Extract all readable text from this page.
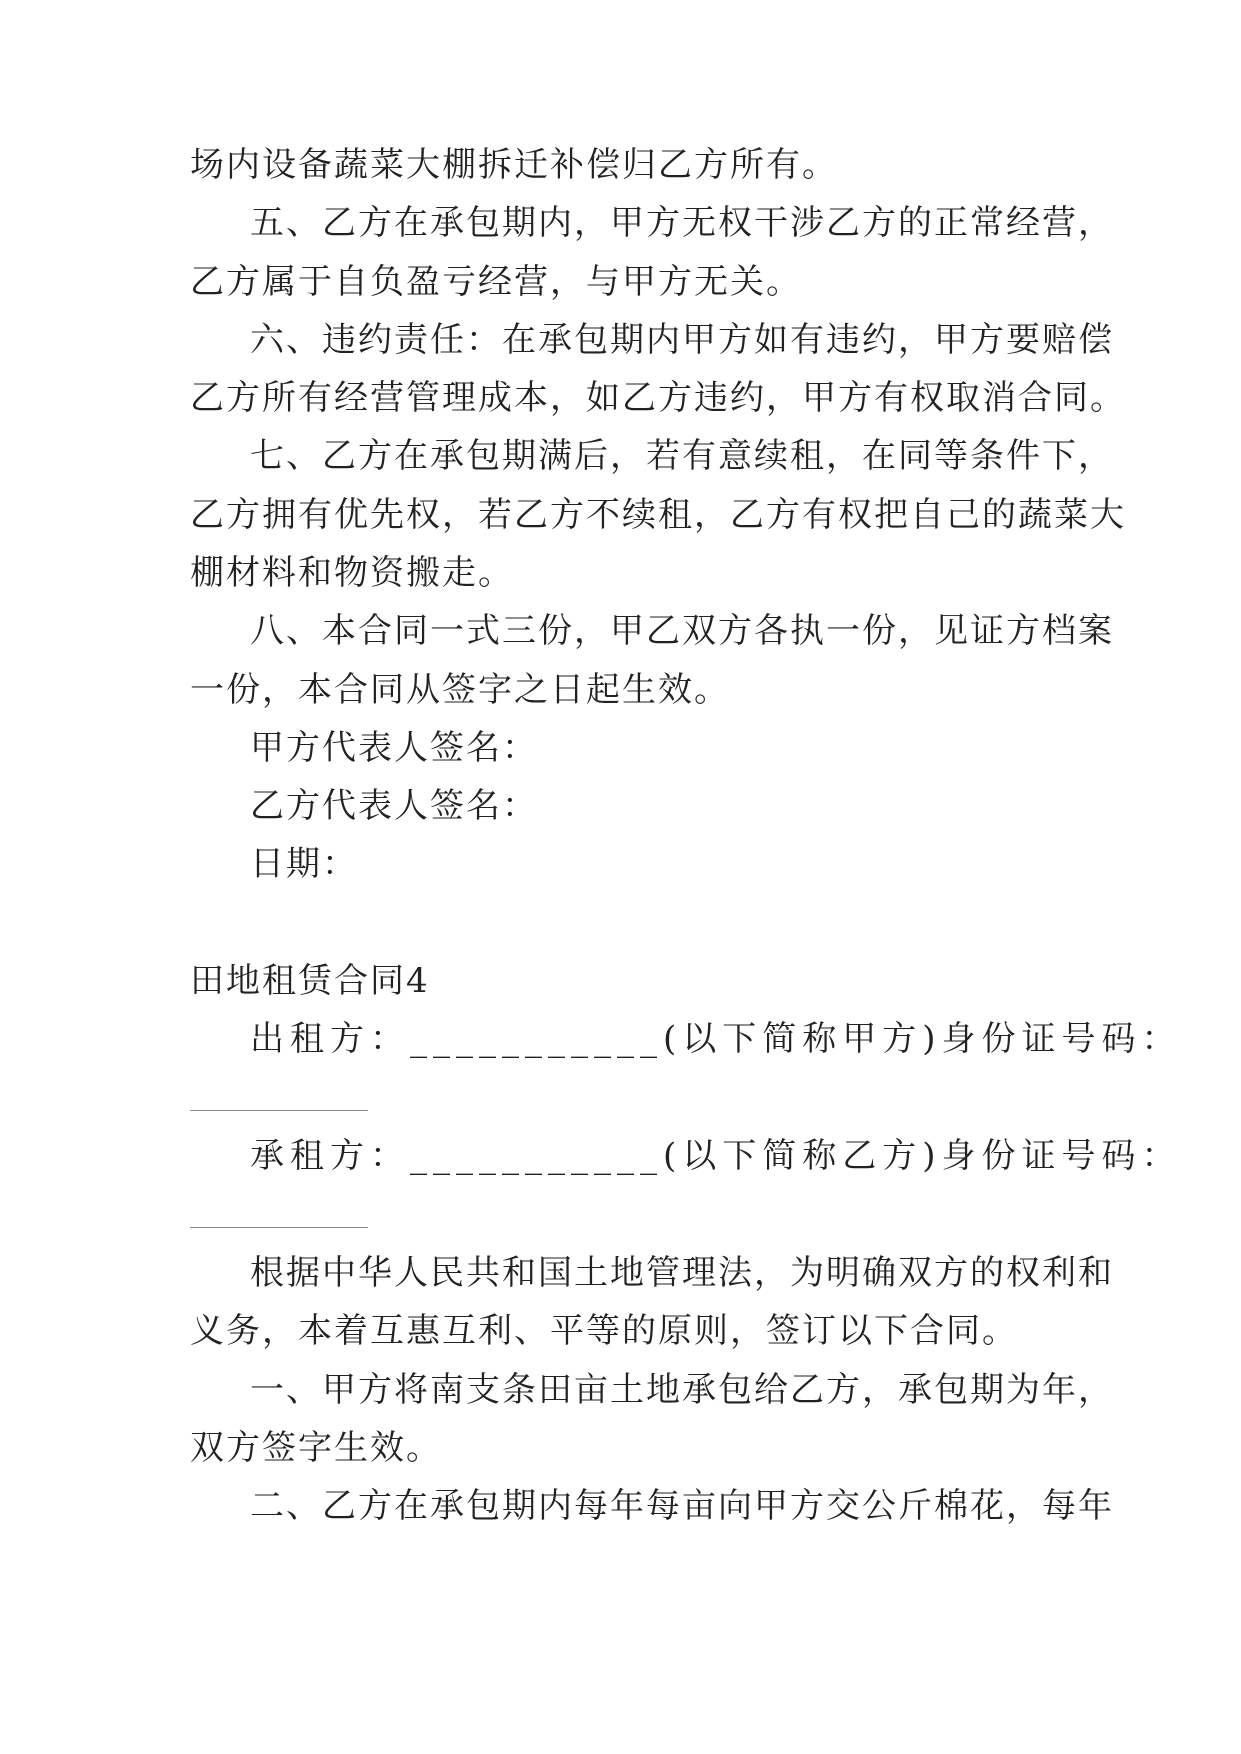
场内设备蔬菜大棚拆迁补偿归乙方所有。
五、乙方在承包期内，甲方无权干涉乙方的正常经营，
乙方属于自负盈亏经营，与甲方无关。
六、违约责任：在承包期内甲方如有违约，甲方要赔偿
乙方所有经营管理成本，如乙方违约，甲方有权取消合同。
七、乙方在承包期满后，若有意续租，在同等条件下，
乙方拥有优先权，若乙方不续租，乙方有权把自己的蔬菜大
棚材料和物资搬走。
八、本合同一式三份，甲乙双方各执一份，见证方档案
一份，本合同从签字之日起生效。
甲方代表人签名：
乙方代表人签名：
日期：
田地租赁合同4
出租方：___________(以下简称甲方)身份证号码：
承租方：___________(以下简称乙方)身份证号码：
根据中华人民共和国土地管理法，为明确双方的权利和
义务，本着互惠互利、平等的原则，签订以下合同。
一、甲方将南支条田亩土地承包给乙方，承包期为年，
双方签字生效。
二、乙方在承包期内每年每亩向甲方交公斤棉花，每年
